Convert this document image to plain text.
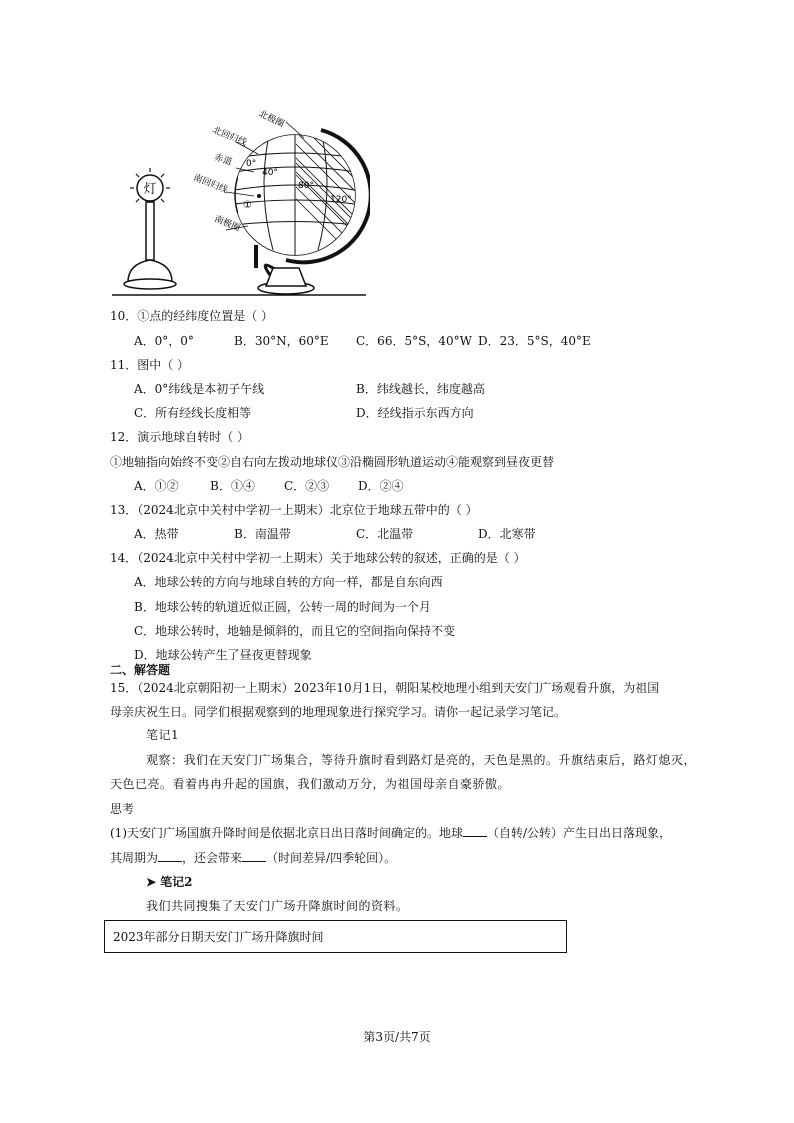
灯
北极圈
北回归线
赤道 0°
南回归线
南极圈
40°
80°
120°
①
10．①点的经纬度位置是（ ）
A．0°，0°	B．30°N，60°E C．66．5°S，40°W D．23．5°S，40°E
11．图中（ ）
A．0°纬线是本初子午线	B．纬线越长，纬度越高
C．所有经线长度相等	D．经线指示东西方向
12．演示地球自转时（ ）
①地轴指向始终不变②自右向左拨动地球仪③沿椭圆形轨道运动④能观察到昼夜更替
A．①②	B．①④ C．②③ D．②④
13．（2024北京中关村中学初一上期末）北京位于地球五带中的（ ）
A．热带	B．南温带	C．北温带	D．北寒带
14．（2024北京中关村中学初一上期末）关于地球公转的叙述，正确的是（ ）
A．地球公转的方向与地球自转的方向一样，都是自东向西
B．地球公转的轨道近似正圆，公转一周的时间为一个月
C．地球公转时，地轴是倾斜的，而且它的空间指向保持不变
D．地球公转产生了昼夜更替现象
二、解答题
15．（2024北京朝阳初一上期末）2023年10月1日，朝阳某校地理小组到天安门广场观看升旗，为祖国
母亲庆祝生日。同学们根据观察到的地理现象进行探究学习。请你一起记录学习笔记。
笔记1
观察：我们在天安门广场集合，等待升旗时看到路灯是亮的，天色是黑的。升旗结束后，路灯熄灭，
天色已亮。看着冉冉升起的国旗，我们激动万分，为祖国母亲自豪骄傲。
思考
(1)天安门广场国旗升降时间是依据北京日出日落时间确定的。地球 （自转/公转）产生日出日落现象，
其周期为 ，还会带来 （时间差异/四季轮回）。
➤ 笔记2
我们共同搜集了天安门广场升降旗时间的资料。
2023年部分日期天安门广场升降旗时间
第3页/共7页
